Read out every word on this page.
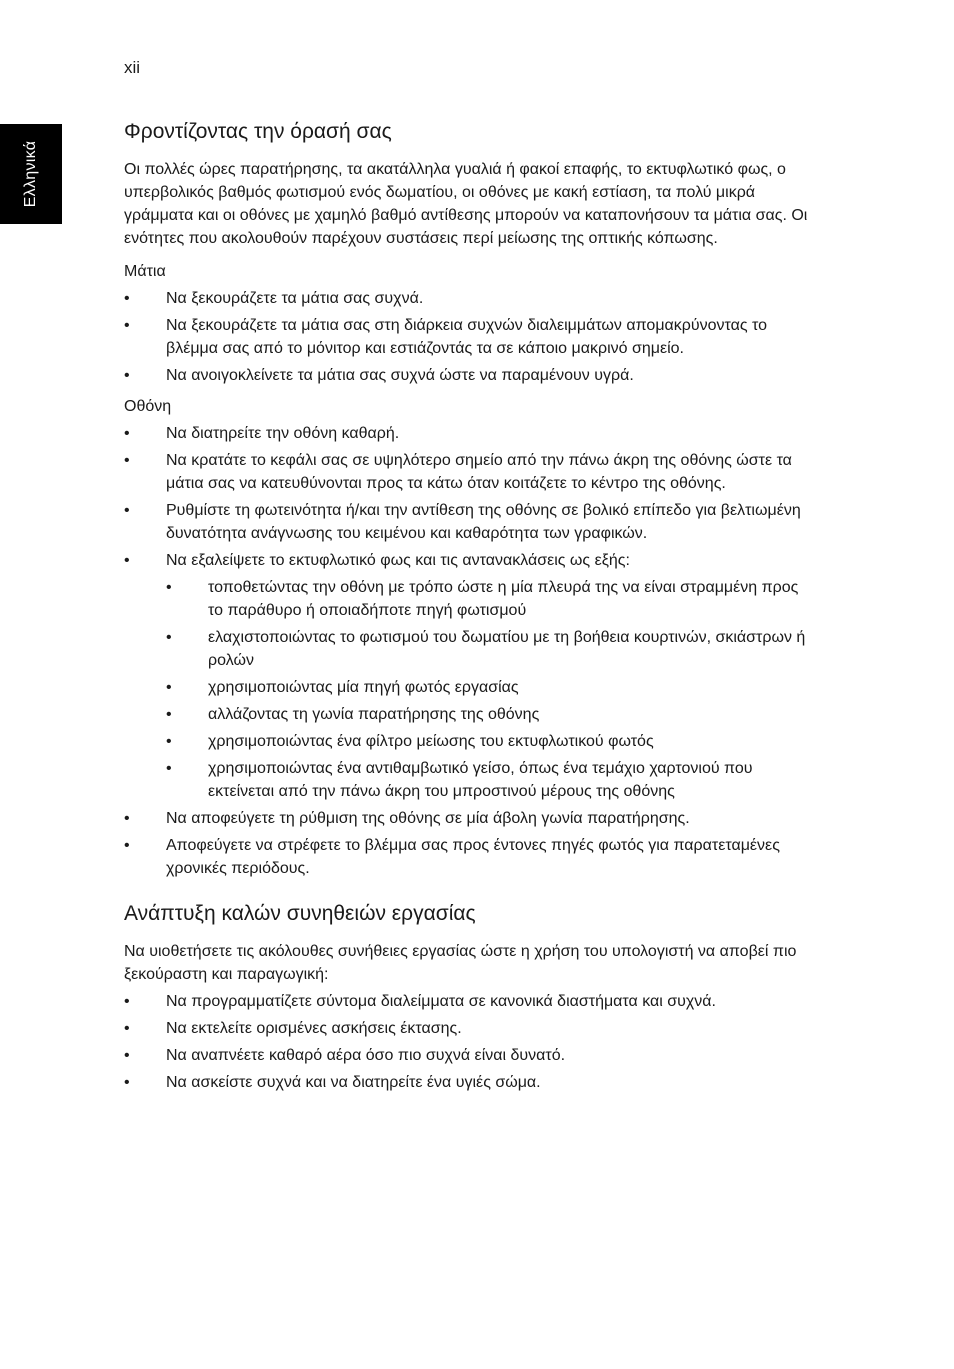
xii
Ελληνικά
Φροντίζοντας την όρασή σας

Οι πολλές ώρες παρατήρησης, τα ακατάλληλα γυαλιά ή φακοί επαφής, το εκτυφλωτικό φως, ο υπερβολικός βαθμός φωτισμού ενός δωματίου, οι οθόνες με κακή εστίαση, τα πολύ μικρά γράμματα και οι οθόνες με χαμηλό βαθμό αντίθεσης μπορούν να καταπονήσουν τα μάτια σας. Οι ενότητες που ακολουθούν παρέχουν συστάσεις περί μείωσης της οπτικής κόπωσης.

Μάτια

• Να ξεκουράζετε τα μάτια σας συχνά.
• Να ξεκουράζετε τα μάτια σας στη διάρκεια συχνών διαλειμμάτων απομακρύνοντας το βλέμμα σας από το μόνιτορ και εστιάζοντάς τα σε κάποιο μακρινό σημείο.
• Να ανοιγοκλείνετε τα μάτια σας συχνά ώστε να παραμένουν υγρά.

Οθόνη

• Να διατηρείτε την οθόνη καθαρή.
• Να κρατάτε το κεφάλι σας σε υψηλότερο σημείο από την πάνω άκρη της οθόνης ώστε τα μάτια σας να κατευθύνονται προς τα κάτω όταν κοιτάζετε το κέντρο της οθόνης.
• Ρυθμίστε τη φωτεινότητα ή/και την αντίθεση της οθόνης σε βολικό επίπεδο για βελτιωμένη δυνατότητα ανάγνωσης του κειμένου και καθαρότητα των γραφικών.
• Να εξαλείψετε το εκτυφλωτικό φως και τις αντανακλάσεις ως εξής:
• τοποθετώντας την οθόνη με τρόπο ώστε η μία πλευρά της να είναι στραμμένη προς το παράθυρο ή οποιαδήποτε πηγή φωτισμού
• ελαχιστοποιώντας το φωτισμού του δωματίου με τη βοήθεια κουρτινών, σκιάστρων ή ρολών
• χρησιμοποιώντας μία πηγή φωτός εργασίας
• αλλάζοντας τη γωνία παρατήρησης της οθόνης
• χρησιμοποιώντας ένα φίλτρο μείωσης του εκτυφλωτικού φωτός
• χρησιμοποιώντας ένα αντιθαμβωτικό γείσο, όπως ένα τεμάχιο χαρτονιού που εκτείνεται από την πάνω άκρη του μπροστινού μέρους της οθόνης
• Να αποφεύγετε τη ρύθμιση της οθόνης σε μία άβολη γωνία παρατήρησης.
• Αποφεύγετε να στρέφετε το βλέμμα σας προς έντονες πηγές φωτός για παρατεταμένες χρονικές περιόδους.
Ανάπτυξη καλών συνηθειών εργασίας

Να υιοθετήσετε τις ακόλουθες συνήθειες εργασίας ώστε η χρήση του υπολογιστή να αποβεί πιο ξεκούραστη και παραγωγική:

• Να προγραμματίζετε σύντομα διαλείμματα σε κανονικά διαστήματα και συχνά.
• Να εκτελείτε ορισμένες ασκήσεις έκτασης.
• Να αναπνέετε καθαρό αέρα όσο πιο συχνά είναι δυνατό.
• Να ασκείστε συχνά και να διατηρείτε ένα υγιές σώμα.
